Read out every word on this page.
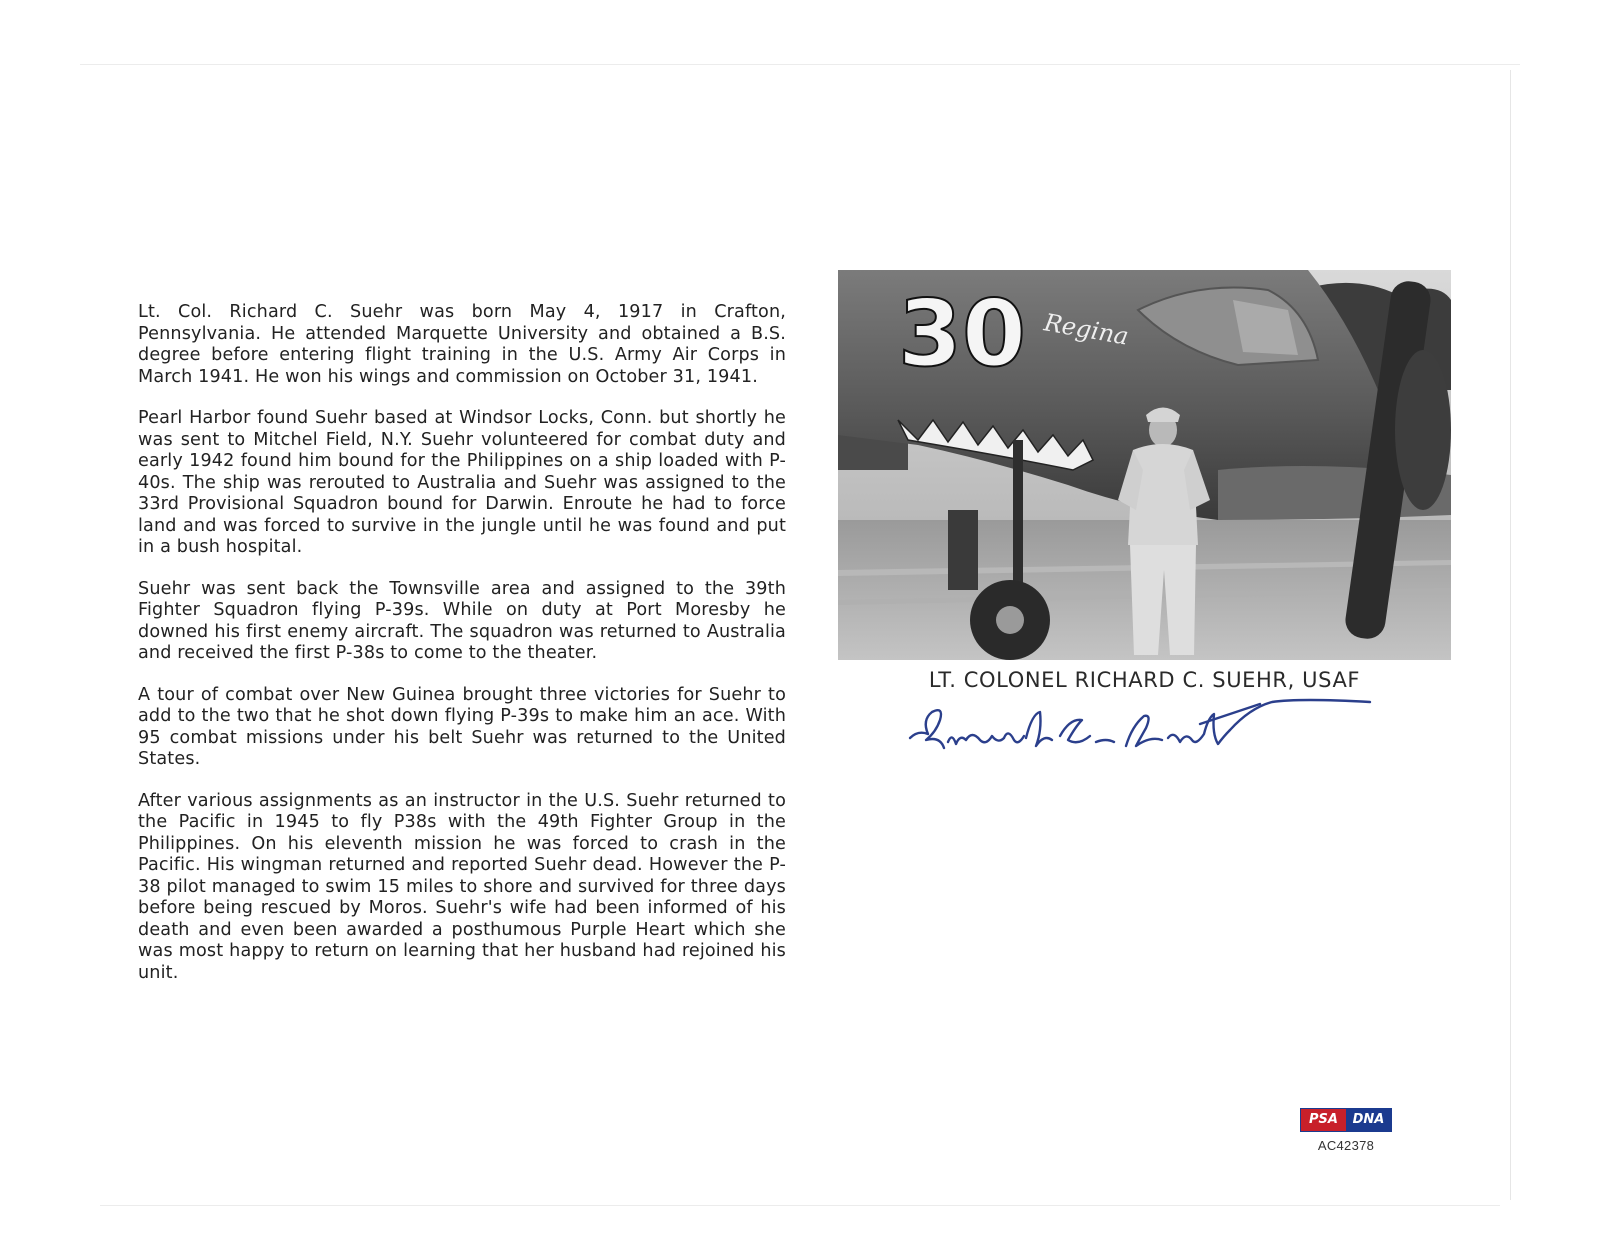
Lt. Col. Richard C. Suehr was born May 4, 1917 in Crafton, Pennsylvania. He attended Marquette University and obtained a B.S. degree before entering flight training in the U.S. Army Air Corps in March 1941. He won his wings and commission on October 31, 1941.

Pearl Harbor found Suehr based at Windsor Locks, Conn. but shortly he was sent to Mitchel Field, N.Y. Suehr volunteered for combat duty and early 1942 found him bound for the Philippines on a ship loaded with P-40s. The ship was rerouted to Australia and Suehr was assigned to the 33rd Provisional Squadron bound for Darwin. Enroute he had to force land and was forced to survive in the jungle until he was found and put in a bush hospital.

Suehr was sent back the Townsville area and assigned to the 39th Fighter Squadron flying P-39s. While on duty at Port Moresby he downed his first enemy aircraft. The squadron was returned to Australia and received the first P-38s to come to the theater.

A tour of combat over New Guinea brought three victories for Suehr to add to the two that he shot down flying P-39s to make him an ace. With 95 combat missions under his belt Suehr was returned to the United States.

After various assignments as an instructor in the U.S. Suehr returned to the Pacific in 1945 to fly P38s with the 49th Fighter Group in the Philippines. On his eleventh mission he was forced to crash in the Pacific. His wingman returned and reported Suehr dead. However the P-38 pilot managed to swim 15 miles to shore and survived for three days before being rescued by Moros. Suehr's wife had been informed of his death and even been awarded a posthumous Purple Heart which she was most happy to return on learning that her husband had rejoined his unit.

30 Regina

LT. COLONEL RICHARD C. SUEHR, USAF

Richard C. Suehr
PSA	DNA
AC42378
